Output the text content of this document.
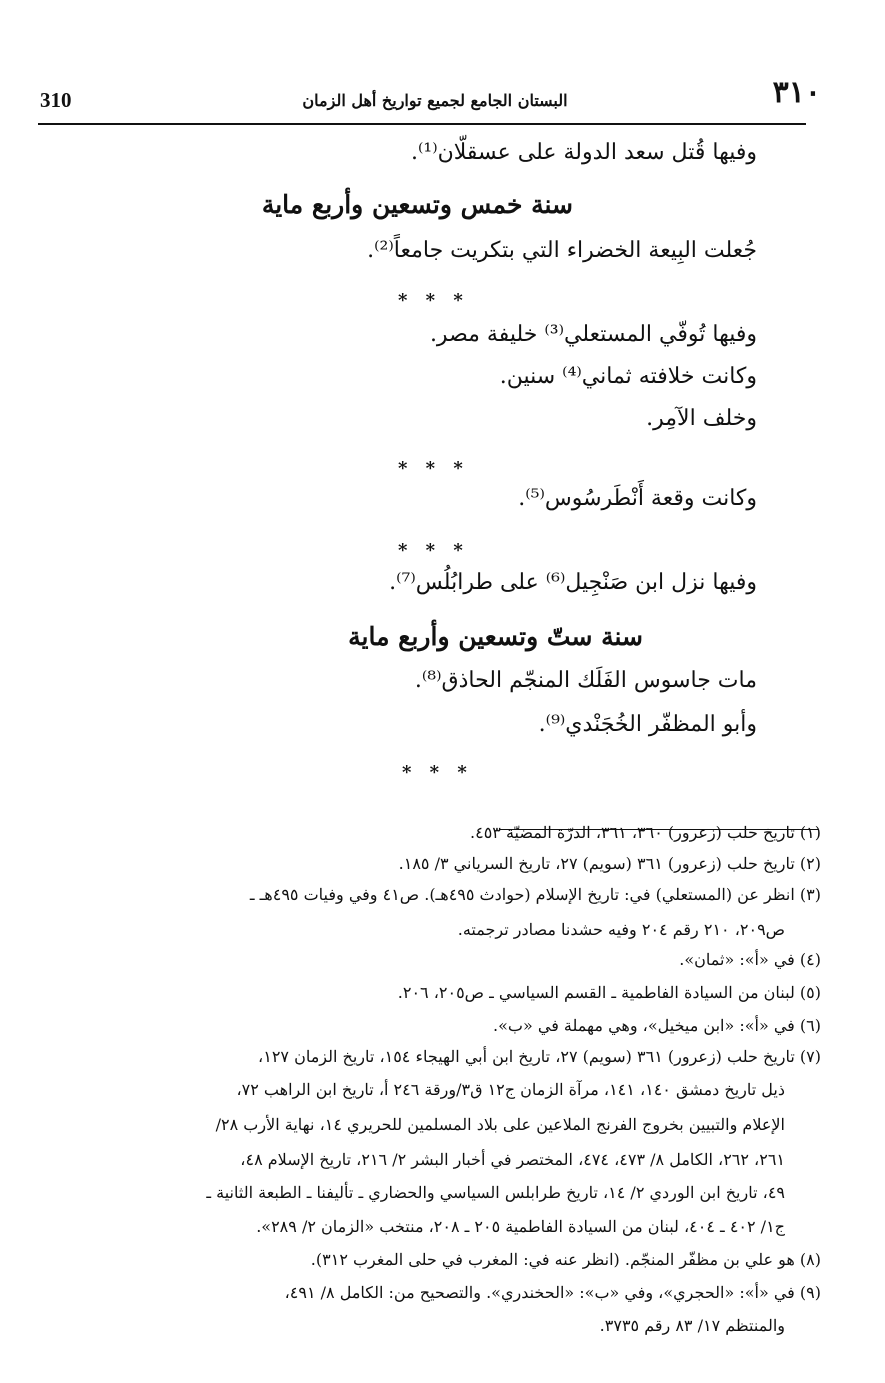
٣١٠
البستان الجامع لجميع تواريخ أهل الزمان
310
وفيها قُتل سعد الدولة على عسقلّان⁽¹⁾.
سنة خمس وتسعين وأربع ماية
جُعلت البِيعة الخضراء التي بتكريت جامعاً⁽²⁾.
* * *
وفيها تُوفّي المستعلي⁽³⁾ خليفة مصر.
وكانت خلافته ثماني⁽⁴⁾ سنين.
وخلف الآمِر.
* * *
وكانت وقعة أَنْطَرسُوس⁽⁵⁾.
* * *
وفيها نزل ابن صَنْجِيل⁽⁶⁾ على طرابُلُس⁽⁷⁾.
سنة ستّ وتسعين وأربع ماية
مات جاسوس الفَلَك المنجّم الحاذق⁽⁸⁾.
وأبو المظفّر الخُجَنْدي⁽⁹⁾.
* * *
(١) تاريخ حلب (زعرور) ٣٦٠، ٣٦١، الدرّة المضيّة ٤٥٣.
(٢) تاريخ حلب (زعرور) ٣٦١ (سويم) ٢٧، تاريخ السرياني ٣/ ١٨٥.
(٣) انظر عن (المستعلي) في: تاريخ الإسلام (حوادث ٤٩٥هـ). ص٤١ وفي وفيات ٤٩٥هـ ـ
ص٢٠٩، ٢١٠ رقم ٢٠٤ وفيه حشدنا مصادر ترجمته.
(٤) في «أ»: «ثمان».
(٥) لبنان من السيادة الفاطمية ـ القسم السياسي ـ ص٢٠٥، ٢٠٦.
(٦) في «أ»: «ابن ميخيل»، وهي مهملة في «ب».
(٧) تاريخ حلب (زعرور) ٣٦١ (سويم) ٢٧، تاريخ ابن أبي الهيجاء ١٥٤، تاريخ الزمان ١٢٧،
ذيل تاريخ دمشق ١٤٠، ١٤١، مرآة الزمان ج١٢ ق٣/ورقة ٢٤٦ أ، تاريخ ابن الراهب ٧٢،
الإعلام والتبيين بخروج الفرنج الملاعين على بلاد المسلمين للحريري ١٤، نهاية الأرب ٢٨/
٢٦١، ٢٦٢، الكامل ٨/ ٤٧٣، ٤٧٤، المختصر في أخبار البشر ٢/ ٢١٦، تاريخ الإسلام ٤٨،
٤٩، تاريخ ابن الوردي ٢/ ١٤، تاريخ طرابلس السياسي والحضاري ـ تأليفنا ـ الطبعة الثانية ـ
ج١/ ٤٠٢ ـ ٤٠٤، لبنان من السيادة الفاطمية ٢٠٥ ـ ٢٠٨، منتخب «الزمان ٢/ ٢٨٩».
(٨) هو علي بن مظفّر المنجّم. (انظر عنه في: المغرب في حلى المغرب ٣١٢).
(٩) في «أ»: «الحجري»، وفي «ب»: «الحخندري». والتصحيح من: الكامل ٨/ ٤٩١،
والمنتظم ١٧/ ٨٣ رقم ٣٧٣٥.
